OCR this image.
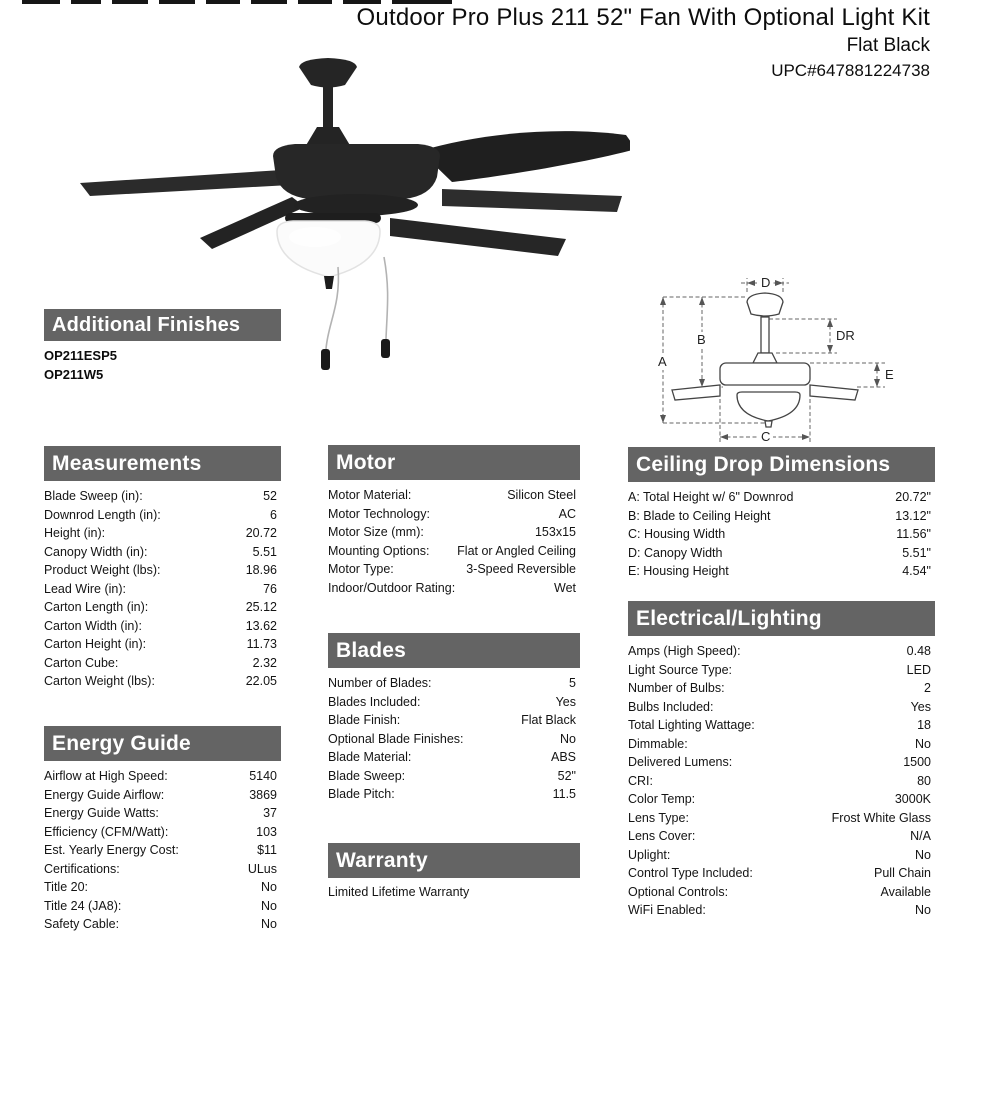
Outdoor Pro Plus 211 52" Fan With Optional Light Kit
Flat Black
UPC#647881224738
D
A
B	DR
E
C
Additional Finishes
OP211ESP5
OP211W5
Measurements
Blade Sweep (in):	52
Downrod Length (in):	6
Height (in):	20.72
Canopy Width (in):	5.51
Product Weight (lbs):	18.96
Lead Wire (in):	76
Carton Length (in):	25.12
Carton Width (in):	13.62
Carton Height (in):	11.73
Carton Cube:	2.32
Carton Weight (lbs):	22.05
Energy Guide
Airflow at High Speed:	5140
Energy Guide Airflow:	3869
Energy Guide Watts:	37
Efficiency (CFM/Watt):	103
Est. Yearly Energy Cost:	$11
Certifications:	ULus
Title 20:	No
Title 24 (JA8):	No
Safety Cable:	No
Motor
Motor Material:	Silicon Steel
Motor Technology:	AC
Motor Size (mm):	153x15
Mounting Options:	Flat or Angled Ceiling
Motor Type:	3-Speed Reversible
Indoor/Outdoor Rating:	Wet
Blades
Number of Blades:	5
Blades Included:	Yes
Blade Finish:	Flat Black
Optional Blade Finishes:	No
Blade Material:	ABS
Blade Sweep:	52"
Blade Pitch:	11.5
Warranty
Limited Lifetime Warranty
Ceiling Drop Dimensions
A: Total Height w/ 6" Downrod	20.72"
B: Blade to Ceiling Height	13.12"
C: Housing Width	11.56"
D: Canopy Width	5.51"
E: Housing Height	4.54"
Electrical/Lighting
Amps (High Speed):	0.48
Light Source Type:	LED
Number of Bulbs:	2
Bulbs Included:	Yes
Total Lighting Wattage:	18
Dimmable:	No
Delivered Lumens:	1500
CRI:	80
Color Temp:	3000K
Lens Type:	Frost White Glass
Lens Cover:	N/A
Uplight:	No
Control Type Included:	Pull Chain
Optional Controls:	Available
WiFi Enabled:	No
